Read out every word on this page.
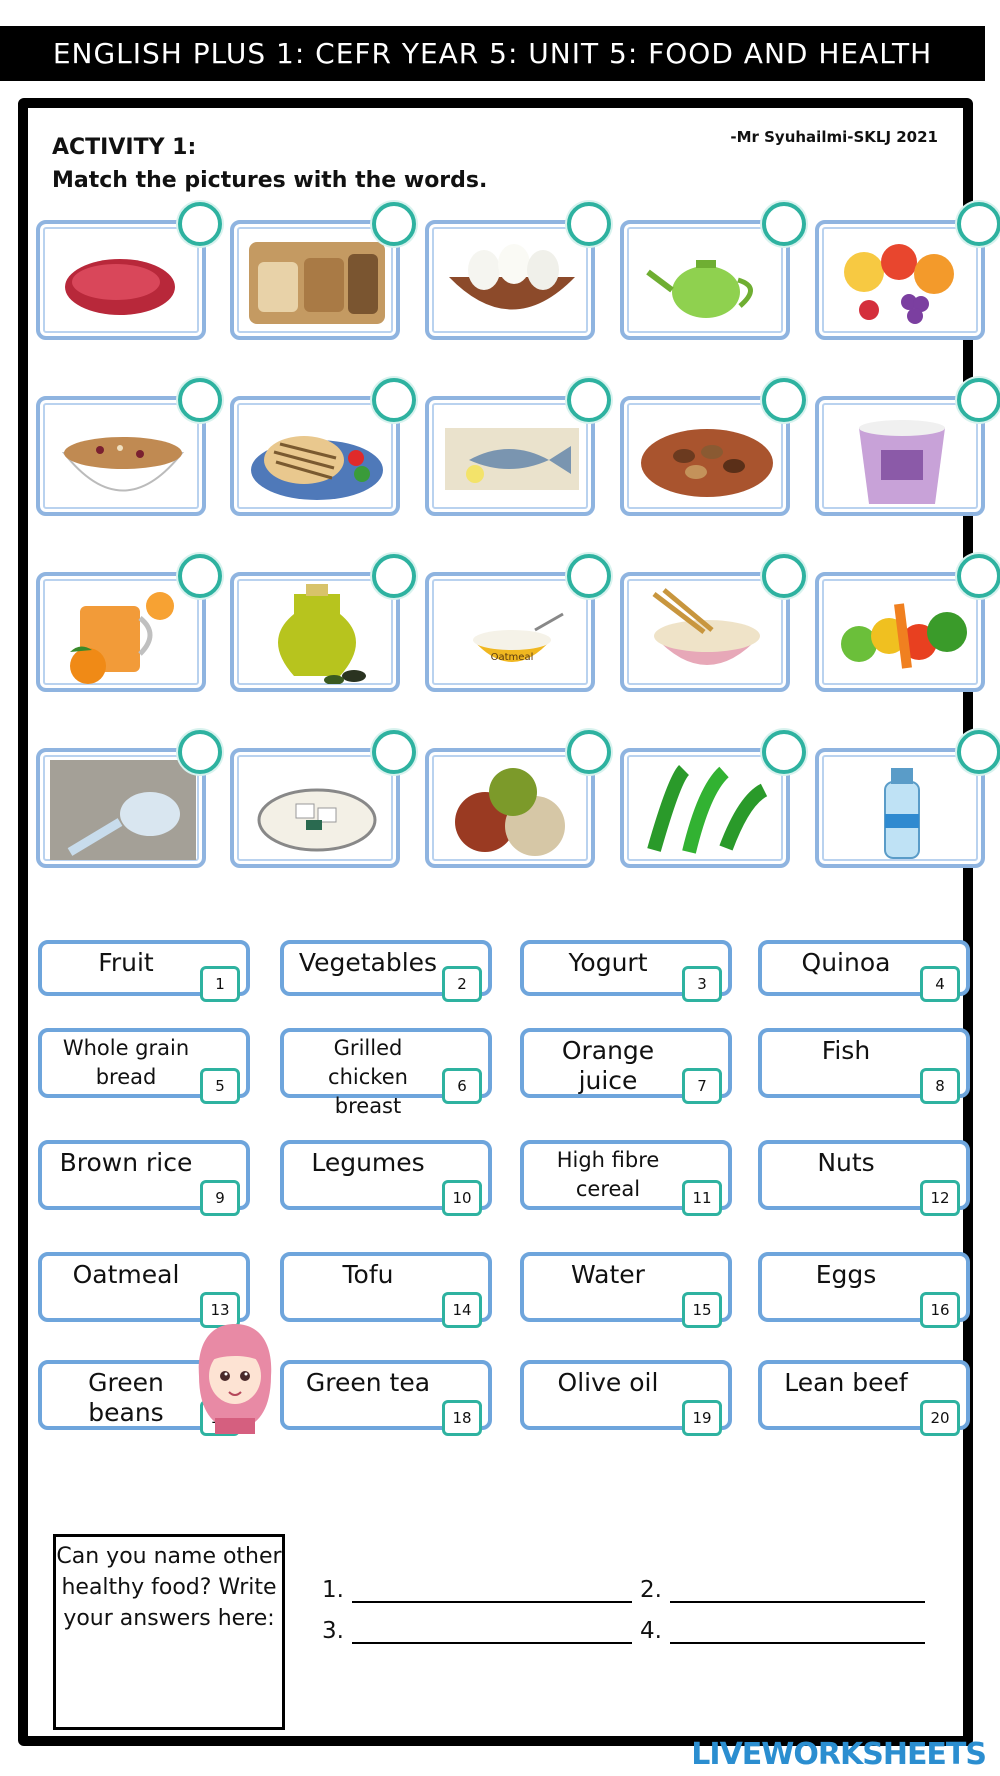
ENGLISH PLUS 1: CEFR YEAR 5: UNIT 5: FOOD AND HEALTH
-Mr Syuhailmi-SKLJ 2021
ACTIVITY 1:
Match the pictures with the words.
Oatmeal
Fruit
1
Vegetables
2
Yogurt
3
Quinoa
4
Whole grain bread	5
Grilled chicken breast
6
Orange juice	7
Fish
8
Brown rice
9
Legumes
10
High fibre cereal	11
Nuts
12
Oatmeal
13
Tofu
14
Water
15
Eggs
16
Green beans
Green tea
18
Olive oil
19
Lean beef
20
Can you name other healthy food? Write your answers here:
1.	2.
3.	4.
LIVEWORKSHEETS
